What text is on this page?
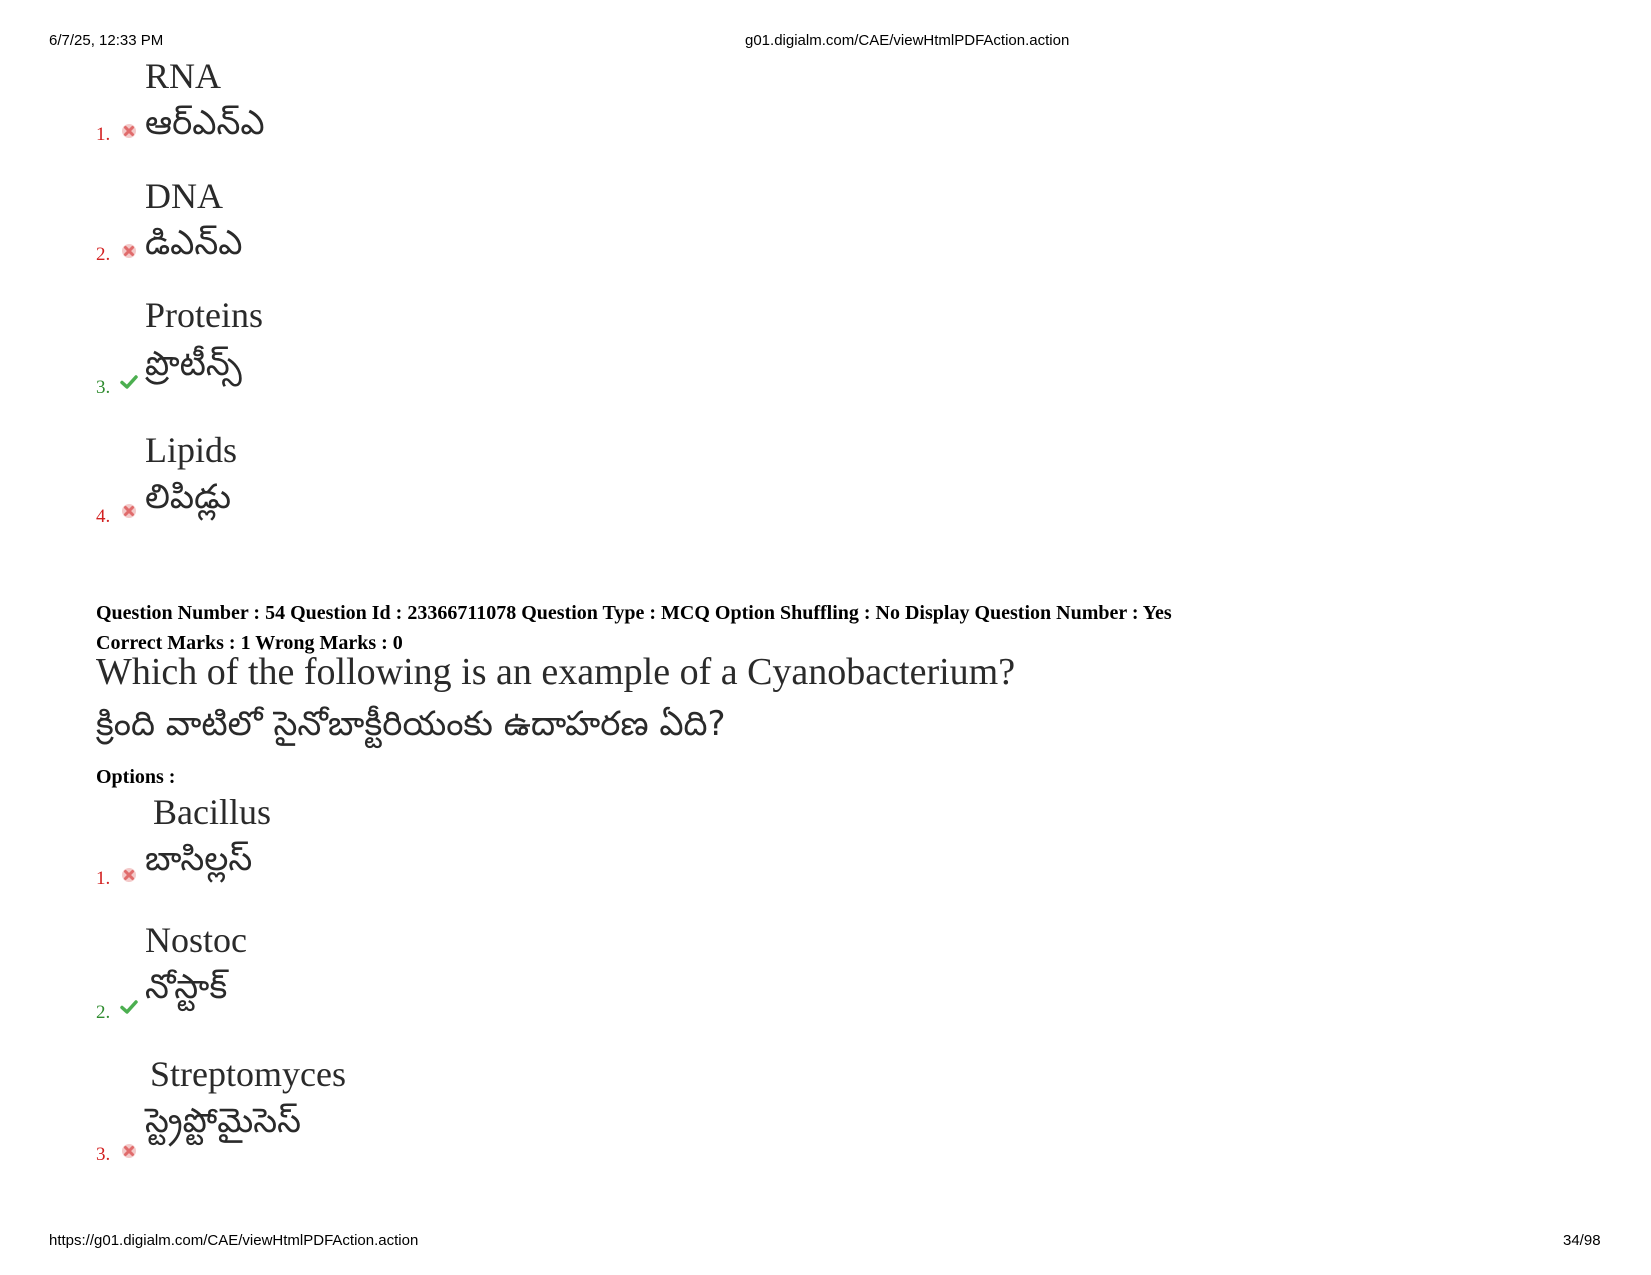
6/7/25, 12:33 PM	g01.digialm.com/CAE/viewHtmlPDFAction.action
RNA
ఆర్ఎన్ఎ
1.
DNA
డిఎన్ఎ
2.
Proteins
ప్రొటీన్స్
3.
Lipids
లిపిడ్లు
4.
Question Number : 54 Question Id : 23366711078 Question Type : MCQ Option Shuffling : No Display Question Number : Yes
Correct Marks : 1 Wrong Marks : 0
Which of the following is an example of a Cyanobacterium?
క్రింది వాటిలో సైనోబాక్టీరియంకు ఉదాహరణ ఏది?
Options :
Bacillus
బాసిల్లస్
1.
Nostoc
నోస్టాక్
2.
Streptomyces
స్ట్రెప్టోమైసెస్
3.
https://g01.digialm.com/CAE/viewHtmlPDFAction.action	34/98
